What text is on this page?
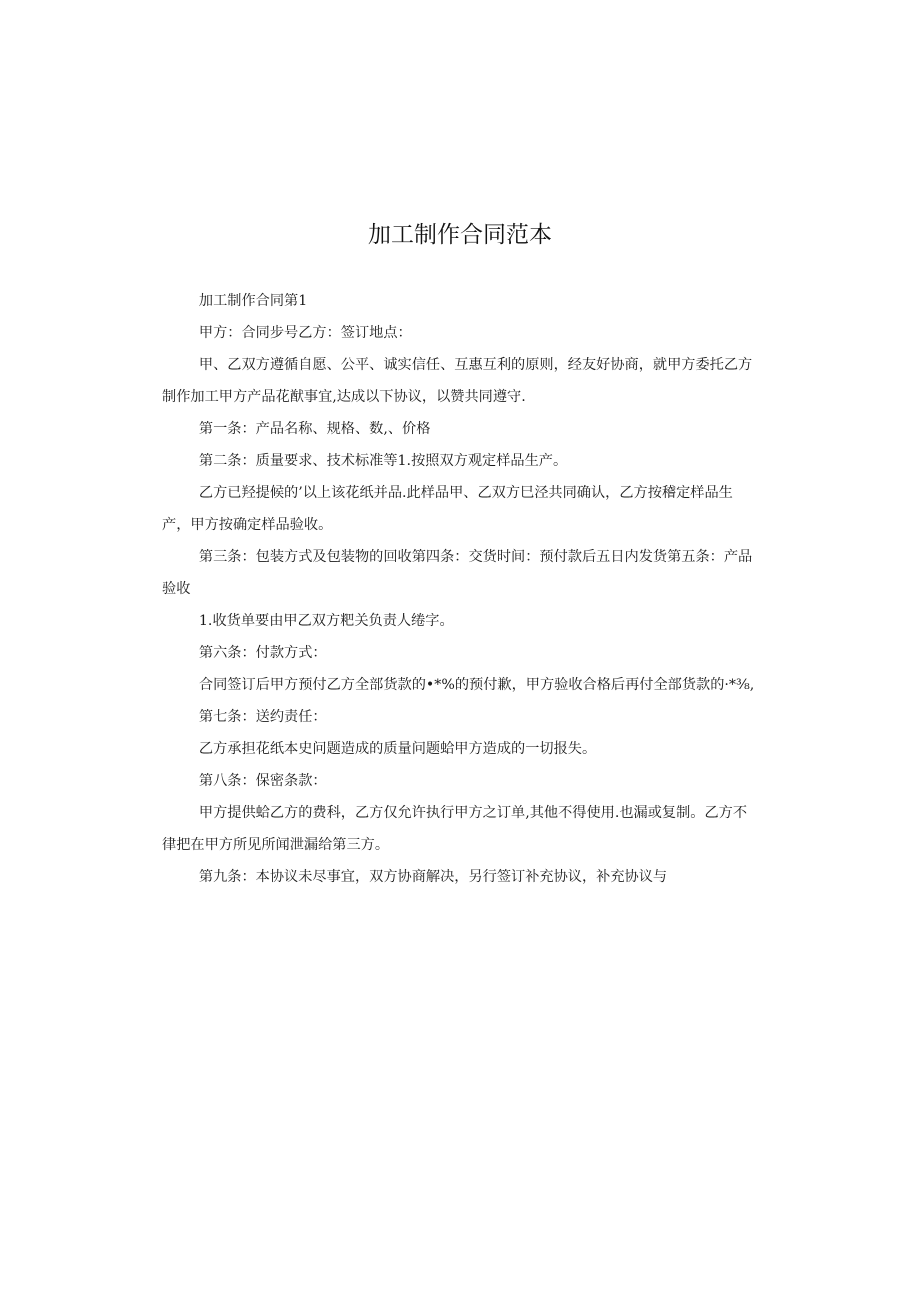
加工制作合同范本

加工制作合同第1

甲方：合同步号乙方：签订地点：

甲、乙双方遵循自愿、公平、诚实信任、互惠互利的原则，经友好协商，就甲方委托乙方制作加工甲方产品花猷事宜,达成以下协议，以赞共同遵守.

第一条：产品名称、规格、数,、价格

第二条：质量要求、技术标准等1.按照双方观定样品生产。

乙方已羟提候的’以上该花纸并品.此样品甲、乙双方巳泾共同确认，乙方按稽定样品生产，甲方按确定样品验收。

第三条：包装方式及包装物的回收第四条：交货时间：预付款后五日内发货第五条：产品验收

1.收货单要由甲乙双方粑关负责人绻字。

第六条：付款方式：

合同签订后甲方预付乙方全部货款的•*%的预付歉，甲方验收合格后再付全部货款的·*⅜,

第七条：送约责任：

乙方承担花纸本史问题造成的质量问题蛤甲方造成的一切报失。

第八条：保密条款：

甲方提供蛤乙方的费科，乙方仅允许执行甲方之订单,其他不得使用.也漏或复制。乙方不律把在甲方所见所闻泄漏给第三方。

第九条：本协议未尽事宜，双方协商解决，另行签订补充协议，补充协议与
